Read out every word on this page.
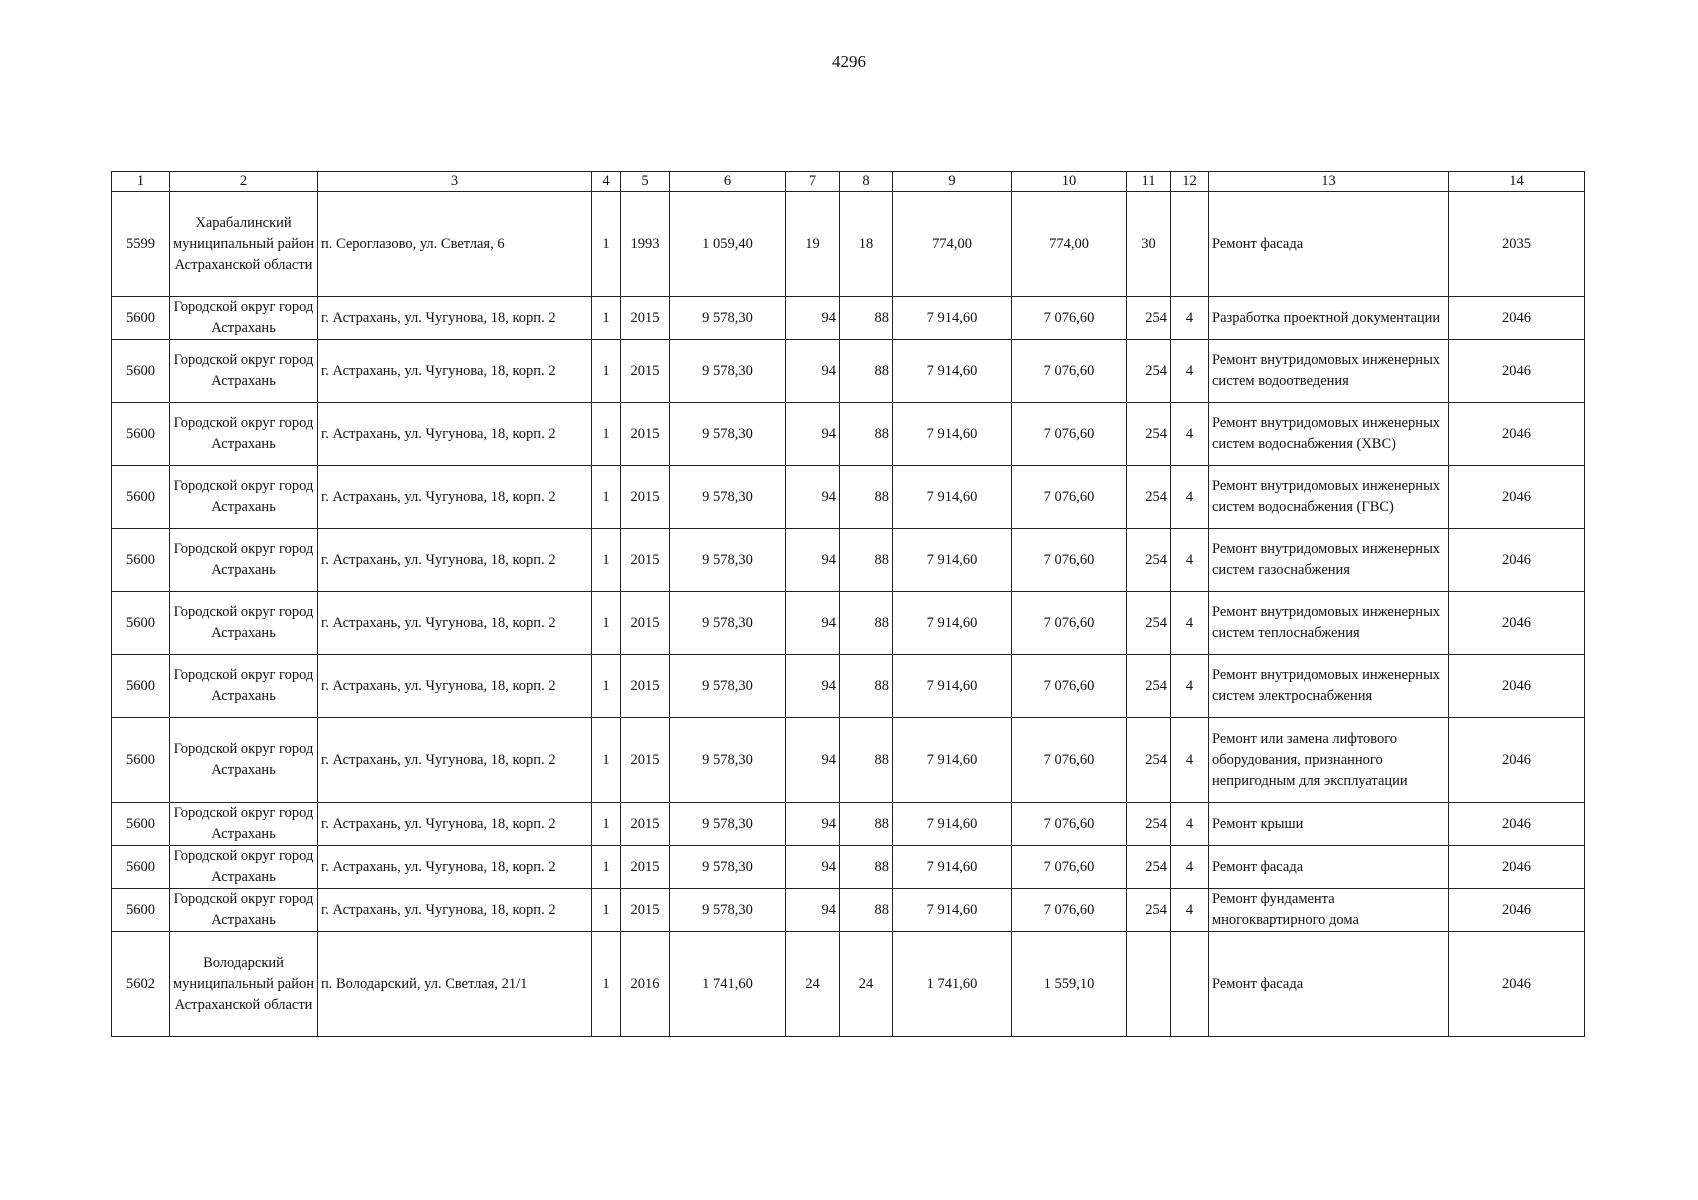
4296
1	2	3	4	5	6	7	8	9	10	11	12	13	14
5599	Харабалинский муниципальный район Астраханской области	п. Сероглазово, ул. Светлая, 6	1	1993	1 059,40	19	18	774,00	774,00	30		Ремонт фасада	2035
5600	Городской округ город Астрахань	г. Астрахань, ул. Чугунова, 18, корп. 2	1	2015	9 578,30	94	88	7 914,60	7 076,60	254	4	Разработка проектной документации	2046
5600	Городской округ город Астрахань	г. Астрахань, ул. Чугунова, 18, корп. 2	1	2015	9 578,30	94	88	7 914,60	7 076,60	254	4	Ремонт внутридомовых инженерных систем водоотведения	2046
5600	Городской округ город Астрахань	г. Астрахань, ул. Чугунова, 18, корп. 2	1	2015	9 578,30	94	88	7 914,60	7 076,60	254	4	Ремонт внутридомовых инженерных систем водоснабжения (ХВС)	2046
5600	Городской округ город Астрахань	г. Астрахань, ул. Чугунова, 18, корп. 2	1	2015	9 578,30	94	88	7 914,60	7 076,60	254	4	Ремонт внутридомовых инженерных систем водоснабжения (ГВС)	2046
5600	Городской округ город Астрахань	г. Астрахань, ул. Чугунова, 18, корп. 2	1	2015	9 578,30	94	88	7 914,60	7 076,60	254	4	Ремонт внутридомовых инженерных систем газоснабжения	2046
5600	Городской округ город Астрахань	г. Астрахань, ул. Чугунова, 18, корп. 2	1	2015	9 578,30	94	88	7 914,60	7 076,60	254	4	Ремонт внутридомовых инженерных систем теплоснабжения	2046
5600	Городской округ город Астрахань	г. Астрахань, ул. Чугунова, 18, корп. 2	1	2015	9 578,30	94	88	7 914,60	7 076,60	254	4	Ремонт внутридомовых инженерных систем электроснабжения	2046
5600	Городской округ город Астрахань	г. Астрахань, ул. Чугунова, 18, корп. 2	1	2015	9 578,30	94	88	7 914,60	7 076,60	254	4	Ремонт или замена лифтового оборудования, признанного непригодным для эксплуатации	2046
5600	Городской округ город Астрахань	г. Астрахань, ул. Чугунова, 18, корп. 2	1	2015	9 578,30	94	88	7 914,60	7 076,60	254	4	Ремонт крыши	2046
5600	Городской округ город Астрахань	г. Астрахань, ул. Чугунова, 18, корп. 2	1	2015	9 578,30	94	88	7 914,60	7 076,60	254	4	Ремонт фасада	2046
5600	Городской округ город Астрахань	г. Астрахань, ул. Чугунова, 18, корп. 2	1	2015	9 578,30	94	88	7 914,60	7 076,60	254	4	Ремонт фундамента многоквартирного дома	2046
5602	Володарский муниципальный район Астраханской области	п. Володарский, ул. Светлая, 21/1	1	2016	1 741,60	24	24	1 741,60	1 559,10			Ремонт фасада	2046
